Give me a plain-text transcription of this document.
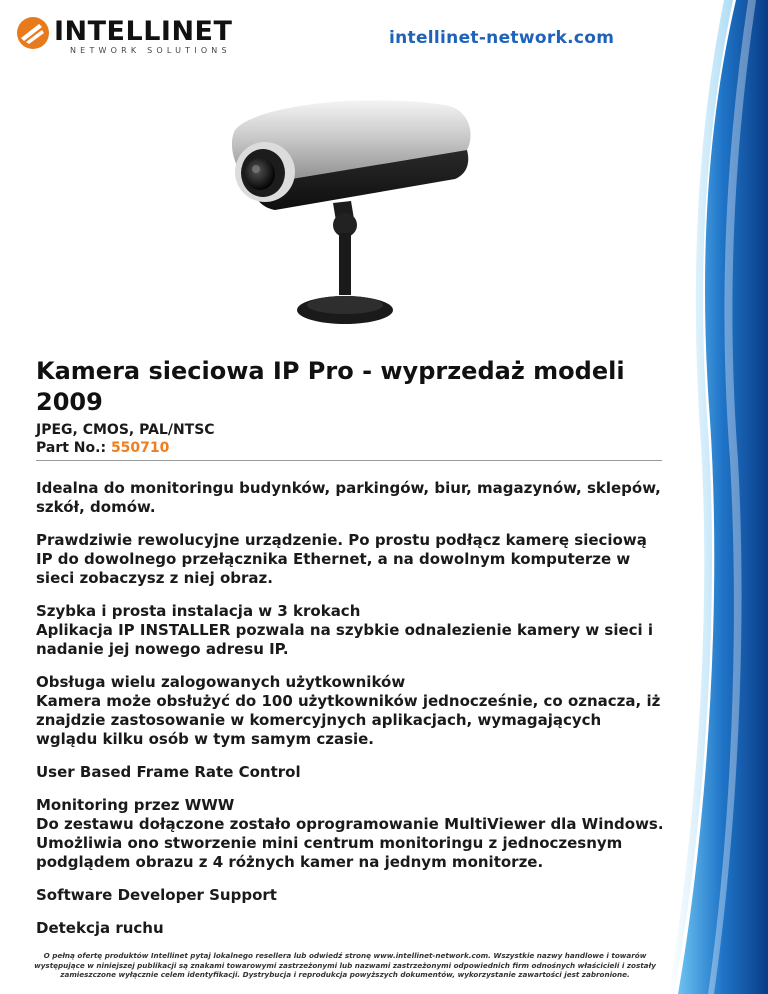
INTELLINET
NETWORK SOLUTIONS
intellinet-network.com
Kamera sieciowa IP Pro - wyprzedaż modeli 2009
JPEG, CMOS, PAL/NTSC
Part No.: 550710
Idealna do monitoringu budynków, parkingów, biur, magazynów, sklepów, szkół, domów.
Prawdziwie rewolucyjne urządzenie. Po prostu podłącz kamerę sieciową IP do dowolnego przełącznika Ethernet, a na dowolnym komputerze w sieci zobaczysz z niej obraz.
Szybka i prosta instalacja w 3 krokach
Aplikacja IP INSTALLER pozwala na szybkie odnalezienie kamery w sieci i nadanie jej nowego adresu IP.
Obsługa wielu zalogowanych użytkowników
Kamera może obsłużyć do 100 użytkowników jednocześnie, co oznacza, iż znajdzie zastosowanie w komercyjnych aplikacjach, wymagających wglądu kilku osób w tym samym czasie.
User Based Frame Rate Control
Monitoring przez WWW
Do zestawu dołączone zostało oprogramowanie MultiViewer dla Windows. Umożliwia ono stworzenie mini centrum monitoringu z jednoczesnym podglądem obrazu z 4 różnych kamer na jednym monitorze.
Software Developer Support
Detekcja ruchu
O pełną ofertę produktów Intellinet pytaj lokalnego resellera lub odwiedź stronę www.intellinet-network.com. Wszystkie nazwy handlowe i towarów występujące w niniejszej publikacji są znakami towarowymi zastrzeżonymi lub nazwami zastrzeżonymi odpowiednich firm odnośnych właścicieli i zostały zamieszczone wyłącznie celem identyfikacji. Dystrybucja i reprodukcja powyższych dokumentów, wykorzystanie zawartości jest zabronione.
